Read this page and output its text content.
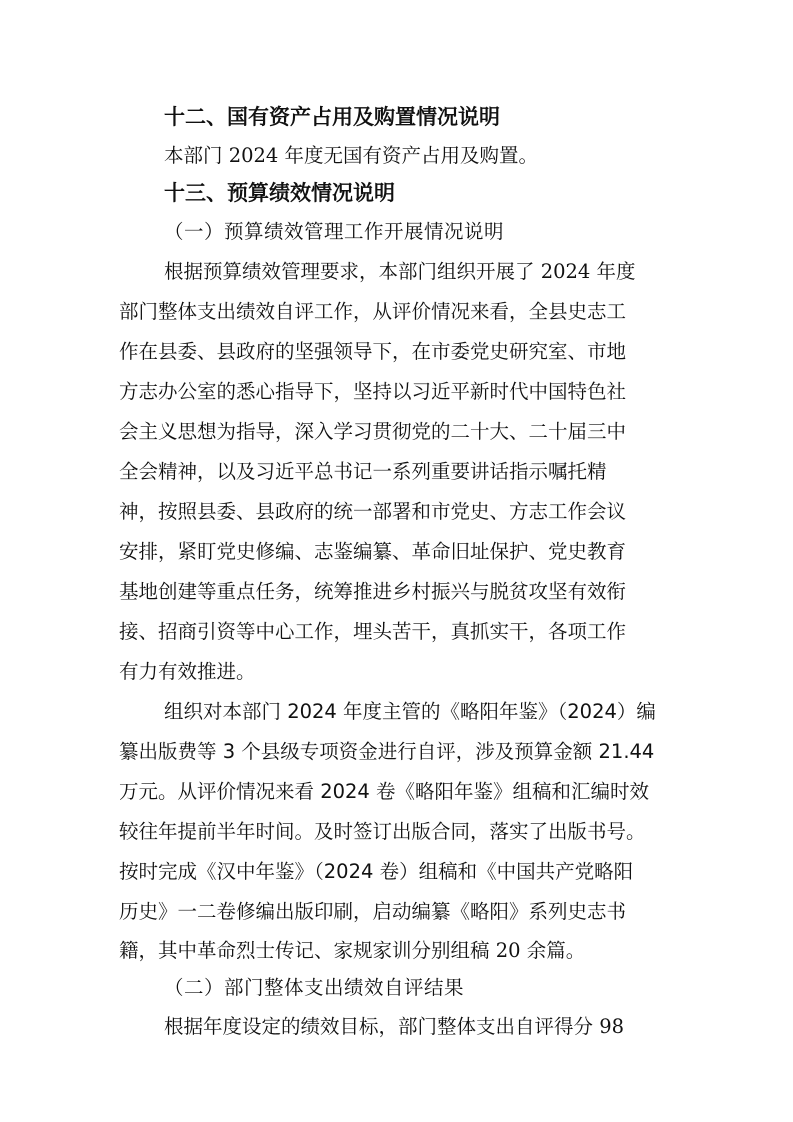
十二、国有资产占用及购置情况说明
本部门 2024 年度无国有资产占用及购置。
十三、预算绩效情况说明
（一）预算绩效管理工作开展情况说明
根据预算绩效管理要求，本部门组织开展了 2024 年度
部门整体支出绩效自评工作，从评价情况来看，全县史志工
作在县委、县政府的坚强领导下，在市委党史研究室、市地
方志办公室的悉心指导下，坚持以习近平新时代中国特色社
会主义思想为指导，深入学习贯彻党的二十大、二十届三中
全会精神，以及习近平总书记一系列重要讲话指示嘱托精
神，按照县委、县政府的统一部署和市党史、方志工作会议
安排，紧盯党史修编、志鉴编纂、革命旧址保护、党史教育
基地创建等重点任务，统筹推进乡村振兴与脱贫攻坚有效衔
接、招商引资等中心工作，埋头苦干，真抓实干，各项工作
有力有效推进。
组织对本部门 2024 年度主管的《略阳年鉴》（2024）编
纂出版费等 3 个县级专项资金进行自评，涉及预算金额 21.44
万元。从评价情况来看 2024 卷《略阳年鉴》组稿和汇编时效
较往年提前半年时间。及时签订出版合同，落实了出版书号。
按时完成《汉中年鉴》（2024 卷）组稿和《中国共产党略阳
历史》一二卷修编出版印刷，启动编纂《略阳》系列史志书
籍，其中革命烈士传记、家规家训分别组稿 20 余篇。
（二）部门整体支出绩效自评结果
根据年度设定的绩效目标，部门整体支出自评得分 98
